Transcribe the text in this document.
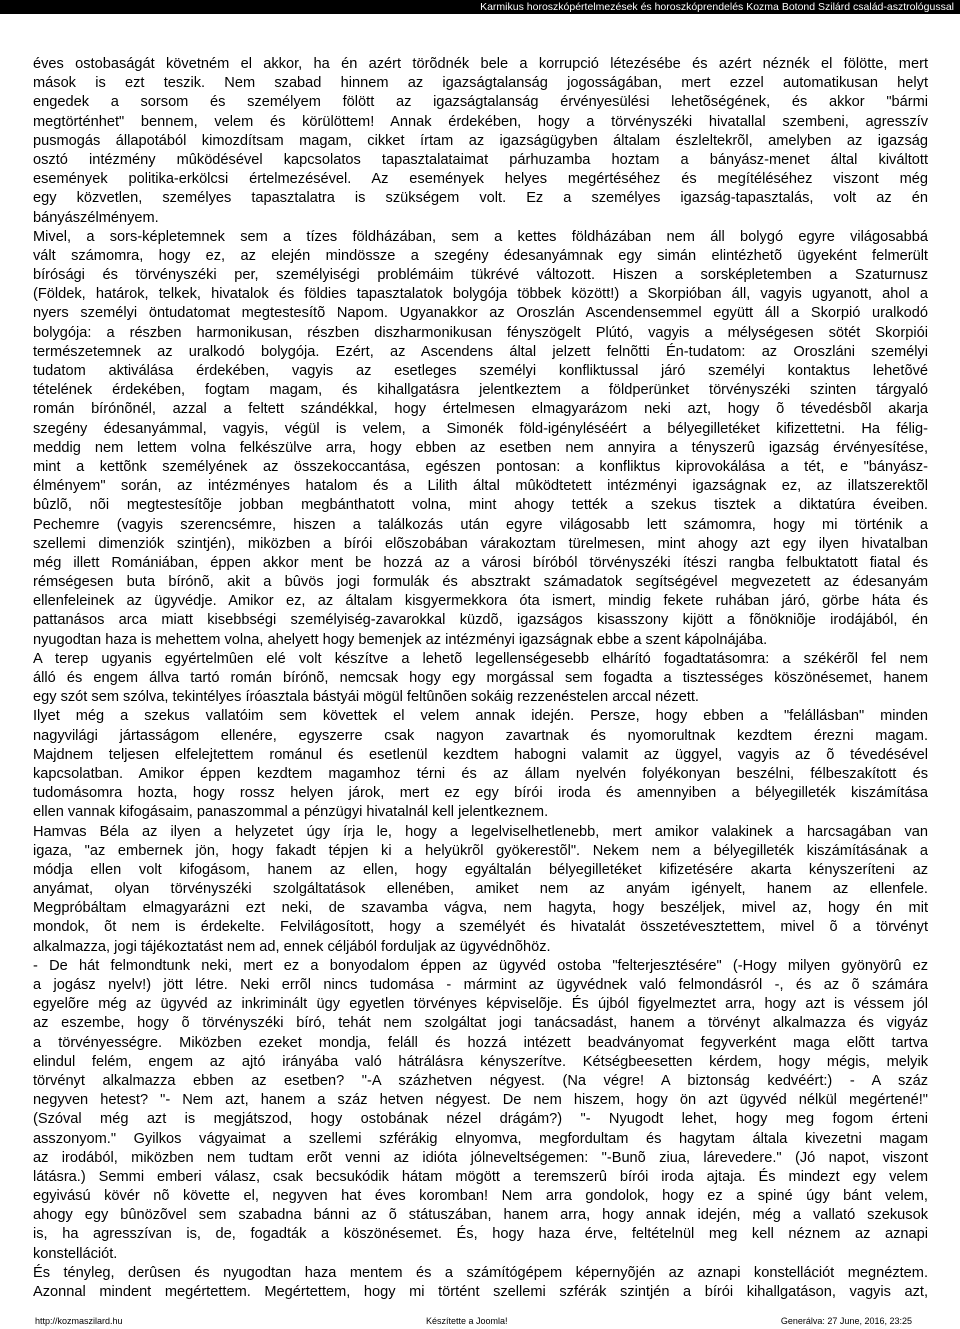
Karmikus horoszkópértelmezések és horoszkóprendelés Kozma Botond Szilárd család-asztrológussal
éves ostobaságát követném el akkor, ha én azért törõdnék bele a korrupció létezésébe és azért néznék el fölötte, mert
mások is ezt teszik. Nem szabad hinnem az igazságtalanság jogosságában, mert ezzel automatikusan helyt
engedek a sorsom és személyem fölött az igazságtalanság érvényesülési lehetõségének, és akkor "bármi
megtörténhet" bennem, velem és körülöttem! Annak érdekében, hogy a törvényszéki hivatallal szembeni, agresszív
pusmogás állapotából kimozdítsam magam, cikket írtam az igazságügyben általam észleltekrõl, amelyben az igazság
osztó intézmény mûködésével kapcsolatos tapasztalataimat párhuzamba hoztam a bányász-menet által kiváltott
események politika-erkölcsi értelmezésével. Az események helyes megértéséhez és megítéléséhez viszont még
egy közvetlen, személyes tapasztalatra is szükségem volt. Ez a személyes igazság-tapasztalás, volt az én
bányászélményem.
Mivel, a sors-képletemnek sem a tízes földházában, sem a kettes földházában nem áll bolygó egyre világosabbá
vált számomra, hogy ez, az elején mindössze a szegény édesanyámnak egy simán elintézhetõ ügyeként felmerült
bírósági és törvényszéki per, személyiségi problémáim tükrévé változott. Hiszen a sorsképletemben a Szaturnusz
(Földek, határok, telkek, hivatalok és földies tapasztalatok bolygója többek között!) a Skorpióban áll, vagyis ugyanott, ahol a
nyers személyi öntudatomat megtestesítõ Napom. Ugyanakkor az Oroszlán Ascendensemmel együtt áll a Skorpió uralkodó
bolygója: a részben harmonikusan, részben diszharmonikusan fényszögelt Plútó, vagyis a mélységesen sötét Skorpiói
természetemnek az uralkodó bolygója. Ezért, az Ascendens által jelzett felnõtti Én-tudatom: az Oroszláni személyi
tudatom aktiválása érdekében, vagyis az esetleges személyi konfliktussal járó személyi kontaktus lehetõvé
tételének érdekében, fogtam magam, és kihallgatásra jelentkeztem a földperünket törvényszéki szinten tárgyaló
román bírónõnél, azzal a feltett szándékkal, hogy értelmesen elmagyarázom neki azt, hogy õ tévedésbõl akarja
szegény édesanyámmal, vagyis, végül is velem, a Simonék föld-igényléséért a bélyegilletéket kifizettetni. Ha félig-
meddig nem lettem volna felkészülve arra, hogy ebben az esetben nem annyira a tényszerû igazság érvényesítése,
mint a kettõnk személyének az összekoccantása, egészen pontosan: a konfliktus kiprovokálása a tét, e "bányász-
élményem" során, az intézményes hatalom és a Lilith által mûködtetett intézményi igazságnak ez, az illatszerektõl
bûzlõ, nõi megtestesítõje jobban megbánthatott volna, mint ahogy tették a szekus tisztek a diktatúra éveiben.
Pechemre (vagyis szerencsémre, hiszen a találkozás után egyre világosabb lett számomra, hogy mi történik a
szellemi dimenziók szintjén), miközben a bírói elõszobában várakoztam türelmesen, mint ahogy azt egy ilyen hivatalban
még illett Romániában, éppen akkor ment be hozzá az a városi bíróból törvényszéki ítészi rangba felbuktatott fiatal és
rémségesen buta bírónõ, akit a bûvös jogi formulák és absztrakt számadatok segítségével megvezetett az édesanyám
ellenfeleinek az ügyvédje. Amikor ez, az általam kisgyermekkora óta ismert, mindig fekete ruhában járó, görbe háta és
pattanásos arca miatt kisebbségi személyiség-zavarokkal küzdõ, igazságos kisasszony kijött a fõnökniõje irodájából, én
nyugodtan haza is mehettem volna, ahelyett hogy bemenjek az intézményi igazságnak ebbe a szent kápolnájába.
A terep ugyanis egyértelmûen elé volt készítve a lehetõ legellenségesebb elhárító fogadtatásomra: a székérõl fel nem
álló és engem állva tartó román bírónõ, nemcsak hogy egy morgással sem fogadta a tisztességes köszönésemet, hanem
egy szót sem szólva, tekintélyes íróasztala bástyái mögül feltûnõen sokáig rezzenéstelen arccal nézett.
Ilyet még a szekus vallatóim sem követtek el velem annak idején. Persze, hogy ebben a "felállásban" minden
nagyvilági jártasságom ellenére, egyszerre csak nagyon zavartnak és nyomorultnak kezdtem érezni magam.
Majdnem teljesen elfelejtettem románul és esetlenül kezdtem habogni valamit az üggyel, vagyis az õ tévedésével
kapcsolatban. Amikor éppen kezdtem magamhoz térni és az állam nyelvén folyékonyan beszélni, félbeszakított és
tudomásomra hozta, hogy rossz helyen járok, mert ez egy bírói iroda és amennyiben a bélyegilleték kiszámítása
ellen vannak kifogásaim, panaszommal a pénzügyi hivatalnál kell jelentkeznem.
Hamvas Béla az ilyen a helyzetet úgy írja le, hogy a legelviselhetlenebb, mert amikor valakinek a harcsagában van
igaza, "az embernek jön, hogy fakadt tépjen ki a helyükrõl gyökerestõl". Nekem nem a bélyegilleték kiszámításának a
módja ellen volt kifogásom, hanem az ellen, hogy egyáltalán bélyegilletéket kifizetésére akarta kényszeríteni az
anyámat, olyan törvényszéki szolgáltatások ellenében, amiket nem az anyám igényelt, hanem az ellenfele.
Megpróbáltam elmagyarázni ezt neki, de szavamba vágva, nem hagyta, hogy beszéljek, mivel az, hogy én mit
mondok, õt nem is érdekelte. Felvilágosított, hogy a személyét és hivatalát összetévesztettem, mivel õ a törvényt
alkalmazza, jogi tájékoztatást nem ad, ennek céljából forduljak az ügyvédnõhöz.
- De hát felmondtunk neki, mert ez a bonyodalom éppen az ügyvéd ostoba "felterjesztésére" (-Hogy milyen gyönyörû ez
a jogász nyelv!) jött létre. Neki errõl nincs tudomása - mármint az ügyvédnek való felmondásról -, és az õ számára
egyelõre még az ügyvéd az inkriminált ügy egyetlen törvényes képviselõje. És újból figyelmeztet arra, hogy azt is véssem jól
az eszembe, hogy õ törvényszéki bíró, tehát nem szolgáltat jogi tanácsadást, hanem a törvényt alkalmazza és vigyáz
a törvényességre. Miközben ezeket mondja, feláll és hozzá intézett beadványomat fegyverként maga elõtt tartva
elindul felém, engem az ajtó irányába való hátrálásra kényszerítve. Kétségbeesetten kérdem, hogy mégis, melyik
törvényt alkalmazza ebben az esetben? "-A százhetven négyest. (Na végre! A biztonság kedvéért:) - A száz
negyven hetest? "- Nem azt, hanem a száz hetven négyest. De nem hiszem, hogy ön azt ügyvéd nélkül megértené!"
(Szóval még azt is megjátszod, hogy ostobának nézel drágám?) "- Nyugodt lehet, hogy meg fogom érteni
asszonyom." Gyilkos vágyaimat a szellemi szférákig elnyomva, megfordultam és hagytam általa kivezetni magam
az irodából, miközben nem tudtam erõt venni az idióta jólneveltségemen: "-Bunõ ziua, lárevedere." (Jó napot, viszont
látásra.) Semmi emberi válasz, csak becsukódik hátam mögött a teremszerû bírói iroda ajtaja. És mindezt egy velem
egyivású kövér nõ követte el, negyven hat éves koromban! Nem arra gondolok, hogy ez a spiné úgy bánt velem,
ahogy egy bûnözõvel sem szabadna bánni az õ státuszában, hanem arra, hogy annak idején, még a vallató szekusok
is, ha agresszívan is, de, fogadták a köszönésemet. És, hogy haza érve, feltételnül meg kell néznem az aznapi
konstellációt.
És tényleg, derûsen és nyugodtan haza mentem és a számítógépem képernyõjén az aznapi konstellációt megnéztem.
Azonnal mindent megértettem. Megértettem, hogy mi történt szellemi szférák szintjén a bírói kihallgatáson, vagyis azt,
http://kozmaszilard.hu	Készítette a Joomla!	Generálva: 27 June, 2016, 23:25
